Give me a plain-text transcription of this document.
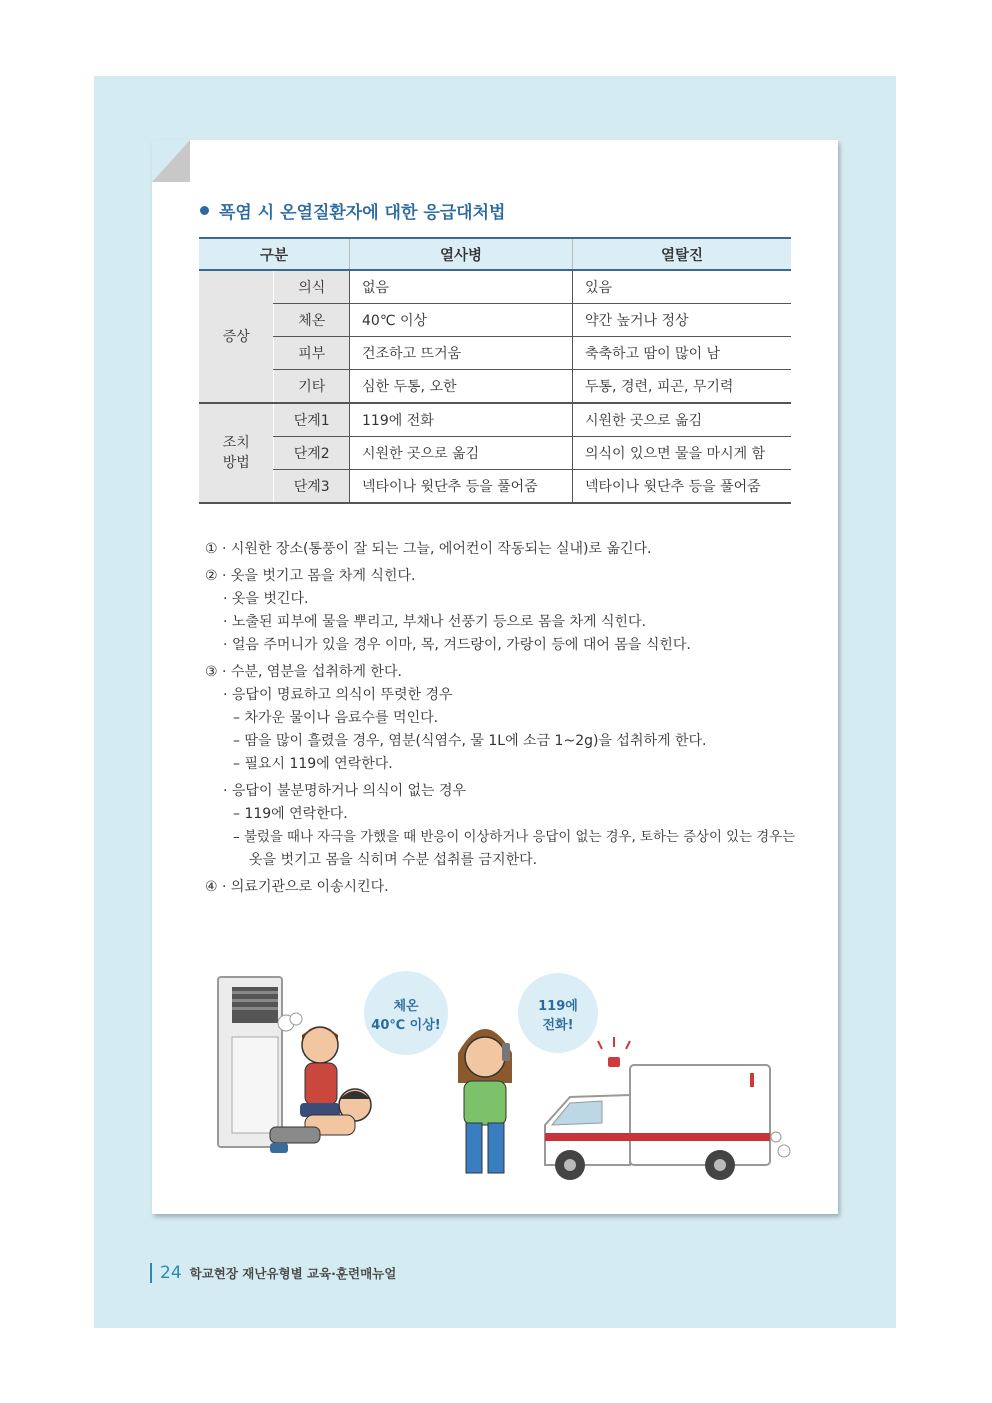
폭염 시 온열질환자에 대한 응급대처법
구분		열사병	열탈진
증상	의식	없음	있음
	체온	40℃ 이상	약간 높거나 정상
	피부	건조하고 뜨거움	축축하고 땀이 많이 남
	기타	심한 두통, 오한	두통, 경련, 피곤, 무기력

조치
방법	단계1	119에 전화	시원한 곳으로 옮김
	단계2	시원한 곳으로 옮김	의식이 있으면 물을 마시게 함
	단계3	넥타이나 윗단추 등을 풀어줌	넥타이나 윗단추 등을 풀어줌
① · 시원한 장소(통풍이 잘 되는 그늘, 에어컨이 작동되는 실내)로 옮긴다.
② · 옷을 벗기고 몸을 차게 식힌다.
· 옷을 벗긴다.
· 노출된 피부에 물을 뿌리고, 부채나 선풍기 등으로 몸을 차게 식힌다.
· 얼음 주머니가 있을 경우 이마, 목, 겨드랑이, 가랑이 등에 대어 몸을 식힌다.
③ · 수분, 염분을 섭취하게 한다.
· 응답이 명료하고 의식이 뚜렷한 경우
– 차가운 물이나 음료수를 먹인다.
– 땀을 많이 흘렸을 경우, 염분(식염수, 물 1L에 소금 1~2g)을 섭취하게 한다.
– 필요시 119에 연락한다.
· 응답이 불분명하거나 의식이 없는 경우
– 119에 연락한다.
– 불렀을 때나 자극을 가했을 때 반응이 이상하거나 응답이 없는 경우, 토하는 증상이 있는 경우는
옷을 벗기고 몸을 식히며 수분 섭취를 금지한다.
④ · 의료기관으로 이송시킨다.
체온
40℃ 이상!
119에
전화!
24 학교현장 재난유형별 교육·훈련매뉴얼
